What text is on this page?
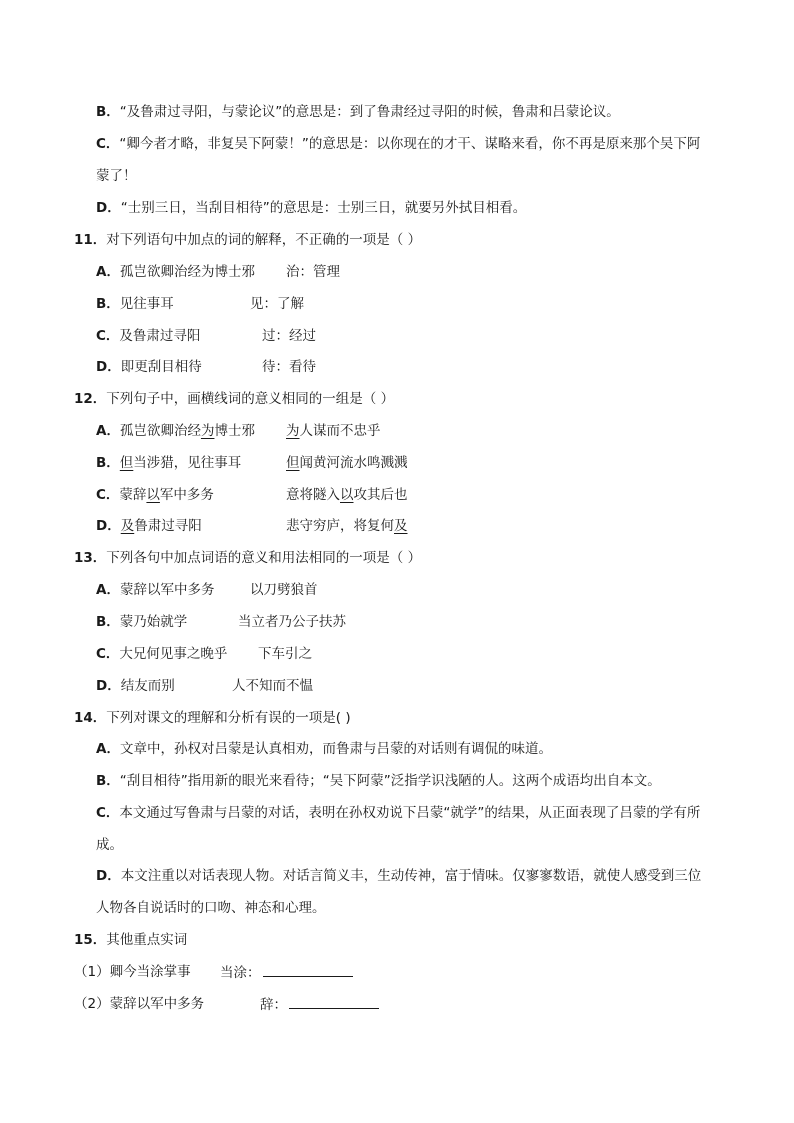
B．“及鲁肃过寻阳，与蒙论议”的意思是：到了鲁肃经过寻阳的时候，鲁肃和吕蒙论议。
C．“卿今者才略，非复吴下阿蒙！”的意思是：以你现在的才干、谋略来看，你不再是原来那个吴下阿
蒙了！
D．“士别三日，当刮目相待”的意思是：士别三日，就要另外拭目相看。
11．对下列语句中加点的词的解释，不正确的一项是（ ）
A．孤岂欲卿治经为博士邪 治：管理
B．见往事耳	见：了解
C．及鲁肃过寻阳	过：经过
D．即更刮目相待	待：看待
12．下列句子中，画横线词的意义相同的一组是（ ）
A．孤岂欲卿治经为博士邪 为人谋而不忠乎
B．但当涉猎，见往事耳	但闻黄河流水鸣溅溅
C．蒙辞以军中多务	意将隧入以攻其后也
D．及鲁肃过寻阳	悲守穷庐，将复何及
13．下列各句中加点词语的意义和用法相同的一项是（ ）
A．蒙辞以军中多务	以刀劈狼首
B．蒙乃始就学	当立者乃公子扶苏
C．大兄何见事之晚乎 下车引之
D．结友而别	人不知而不愠
14．下列对课文的理解和分析有误的一项是( )
A．文章中，孙权对吕蒙是认真相劝，而鲁肃与吕蒙的对话则有调侃的味道。
B．“刮目相待”指用新的眼光来看待；“吴下阿蒙”泛指学识浅陋的人。这两个成语均出自本文。
C．本文通过写鲁肃与吕蒙的对话，表明在孙权劝说下吕蒙“就学”的结果，从正面表现了吕蒙的学有所
成。
D．本文注重以对话表现人物。对话言简义丰，生动传神，富于情味。仅寥寥数语，就使人感受到三位
人物各自说话时的口吻、神态和心理。
15．其他重点实词
（1）卿今当涂掌事 当涂：
（2）蒙辞以军中多务	辞：
